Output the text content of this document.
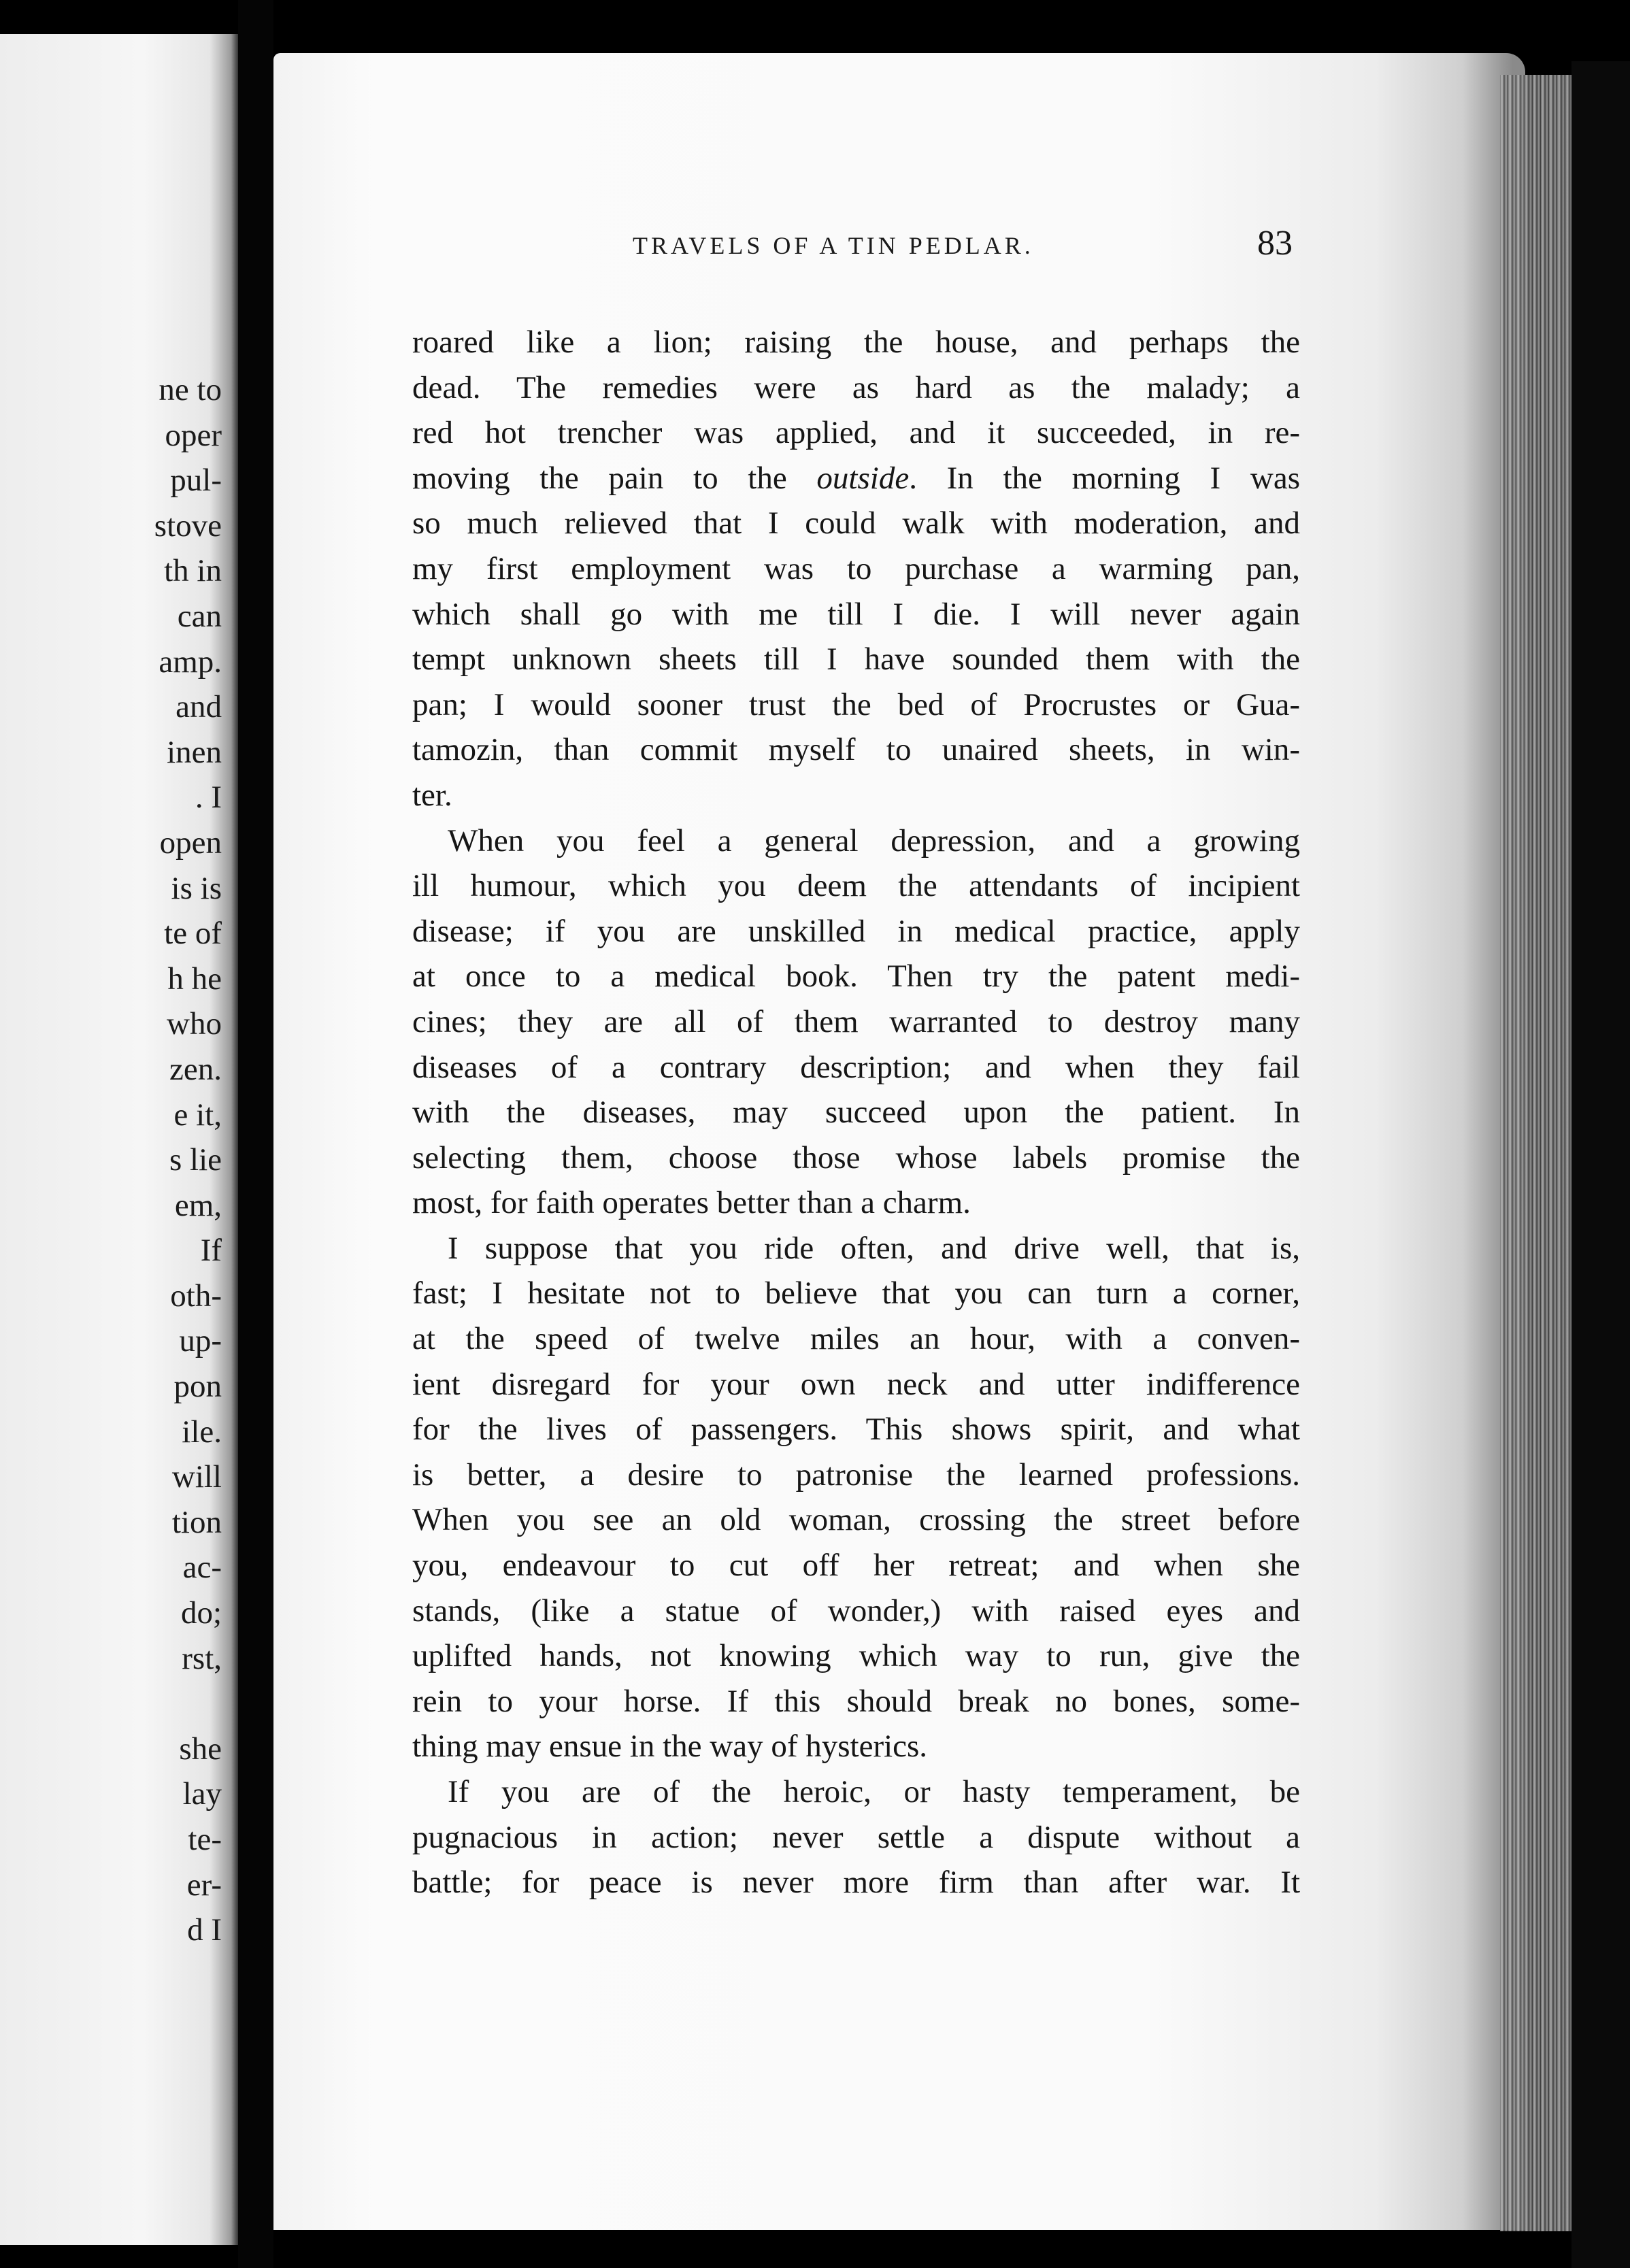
ne to
oper
pul-
stove
th in
can
amp.
and
inen
. I
open
is is
te of
h he
who
zen.
e it,
s lie
em,
If
oth-
up-
pon
ile.
will
tion
ac-
do;
rst,

she
lay
te-
er-
d I
TRAVELS OF A TIN PEDLAR.	83
roared like a lion; raising the house, and perhaps the
dead. The remedies were as hard as the malady; a
red hot trencher was applied, and it succeeded, in re-
moving the pain to the outside. In the morning I was
so much relieved that I could walk with moderation, and
my first employment was to purchase a warming pan,
which shall go with me till I die. I will never again
tempt unknown sheets till I have sounded them with the
pan; I would sooner trust the bed of Procrustes or Gua-
tamozin, than commit myself to unaired sheets, in win-
ter.
When you feel a general depression, and a growing
ill humour, which you deem the attendants of incipient
disease; if you are unskilled in medical practice, apply
at once to a medical book. Then try the patent medi-
cines; they are all of them warranted to destroy many
diseases of a contrary description; and when they fail
with the diseases, may succeed upon the patient. In
selecting them, choose those whose labels promise the
most, for faith operates better than a charm.
I suppose that you ride often, and drive well, that is,
fast; I hesitate not to believe that you can turn a corner,
at the speed of twelve miles an hour, with a conven-
ient disregard for your own neck and utter indifference
for the lives of passengers. This shows spirit, and what
is better, a desire to patronise the learned professions.
When you see an old woman, crossing the street before
you, endeavour to cut off her retreat; and when she
stands, (like a statue of wonder,) with raised eyes and
uplifted hands, not knowing which way to run, give the
rein to your horse. If this should break no bones, some-
thing may ensue in the way of hysterics.
If you are of the heroic, or hasty temperament, be
pugnacious in action; never settle a dispute without a
battle; for peace is never more firm than after war. It
